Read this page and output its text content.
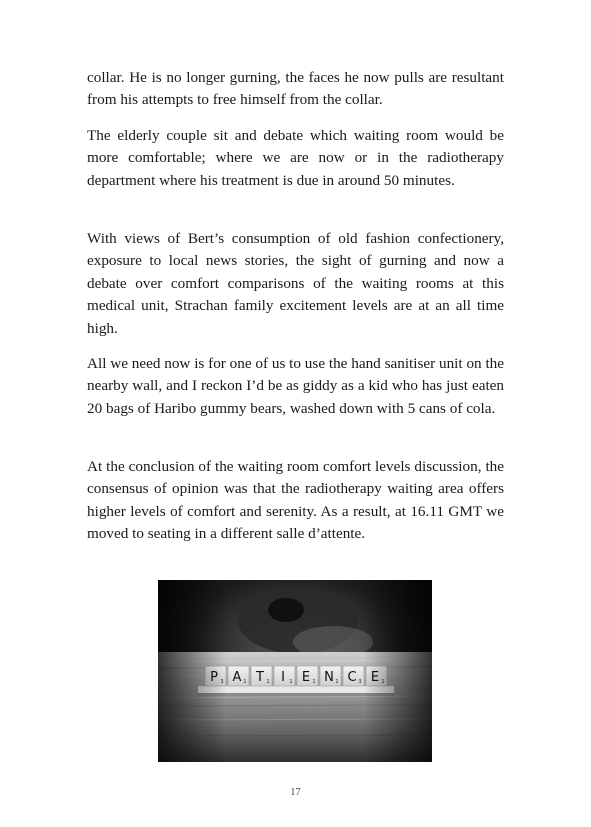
collar. He is no longer gurning, the faces he now pulls are resultant from his attempts to free himself from the collar.

The elderly couple sit and debate which waiting room would be more comfortable; where we are now or in the radiotherapy department where his treatment is due in around 50 minutes.

With views of Bert’s consumption of old fashion confectionery, exposure to local news stories, the sight of gurning and now a debate over comfort comparisons of the waiting rooms at this medical unit, Strachan family excitement levels are at an all time high.

All we need now is for one of us to use the hand sanitiser unit on the nearby wall, and I reckon I’d be as giddy as a kid who has just eaten 20 bags of Haribo gummy bears, washed down with 5 cans of cola.

At the conclusion of the waiting room comfort levels discussion, the consensus of opinion was that the radiotherapy waiting area offers higher levels of comfort and serenity. As a result, at 16.11 GMT we moved to seating in a different salle d’attente.

17
